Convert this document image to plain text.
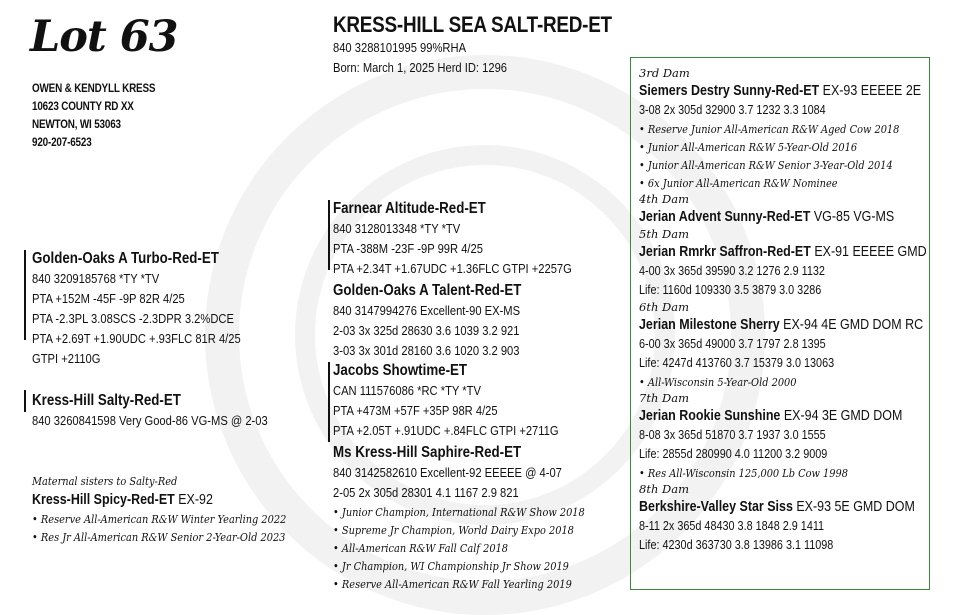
Lot 63
OWEN & KENDYLL KRESS
10623 COUNTY RD XX
NEWTON, WI 53063
920-207-6523
KRESS-HILL SEA SALT-RED-ET
840 3288101995 99%RHA
Born: March 1, 2025 Herd ID: 1296
Golden-Oaks A Turbo-Red-ET
840 3209185768 *TY *TV
PTA +152M -45F -9P 82R 4/25
PTA -2.3PL 3.08SCS -2.3DPR 3.2%DCE
PTA +2.69T +1.90UDC +.93FLC 81R 4/25
GTPI +2110G
Kress-Hill Salty-Red-ET
840 3260841598 Very Good-86 VG-MS @ 2-03
Maternal sisters to Salty-Red
Kress-Hill Spicy-Red-ET EX-92
• Reserve All-American R&W Winter Yearling 2022
• Res Jr All-American R&W Senior 2-Year-Old 2023
Farnear Altitude-Red-ET
840 3128013348 *TY *TV
PTA -388M -23F -9P 99R 4/25
PTA +2.34T +1.67UDC +1.36FLC GTPI +2257G
Golden-Oaks A Talent-Red-ET
840 3147994276 Excellent-90 EX-MS
2-03 3x 325d 28630 3.6 1039 3.2 921
3-03 3x 301d 28160 3.6 1020 3.2 903
Jacobs Showtime-ET
CAN 111576086 *RC *TY *TV
PTA +473M +57F +35P 98R 4/25
PTA +2.05T +.91UDC +.84FLC GTPI +2711G
Ms Kress-Hill Saphire-Red-ET
840 3142582610 Excellent-92 EEEEE @ 4-07
2-05 2x 305d 28301 4.1 1167 2.9 821
• Junior Champion, International R&W Show 2018
• Supreme Jr Champion, World Dairy Expo 2018
• All-American R&W Fall Calf 2018
• Jr Champion, WI Championship Jr Show 2019
• Reserve All-American R&W Fall Yearling 2019
3rd Dam
Siemers Destry Sunny-Red-ET EX-93 EEEEE 2E
3-08 2x 305d 32900 3.7 1232 3.3 1084
• Reserve Junior All-American R&W Aged Cow 2018
• Junior All-American R&W 5-Year-Old 2016
• Junior All-American R&W Senior 3-Year-Old 2014
• 6x Junior All-American R&W Nominee
4th Dam
Jerian Advent Sunny-Red-ET VG-85 VG-MS
5th Dam
Jerian Rmrkr Saffron-Red-ET EX-91 EEEEE GMD
4-00 3x 365d 39590 3.2 1276 2.9 1132
Life: 1160d 109330 3.5 3879 3.0 3286
6th Dam
Jerian Milestone Sherry EX-94 4E GMD DOM RC
6-00 3x 365d 49000 3.7 1797 2.8 1395
Life: 4247d 413760 3.7 15379 3.0 13063
• All-Wisconsin 5-Year-Old 2000
7th Dam
Jerian Rookie Sunshine EX-94 3E GMD DOM
8-08 3x 365d 51870 3.7 1937 3.0 1555
Life: 2855d 280990 4.0 11200 3.2 9009
• Res All-Wisconsin 125,000 Lb Cow 1998
8th Dam
Berkshire-Valley Star Siss EX-93 5E GMD DOM
8-11 2x 365d 48430 3.8 1848 2.9 1411
Life: 4230d 363730 3.8 13986 3.1 11098
